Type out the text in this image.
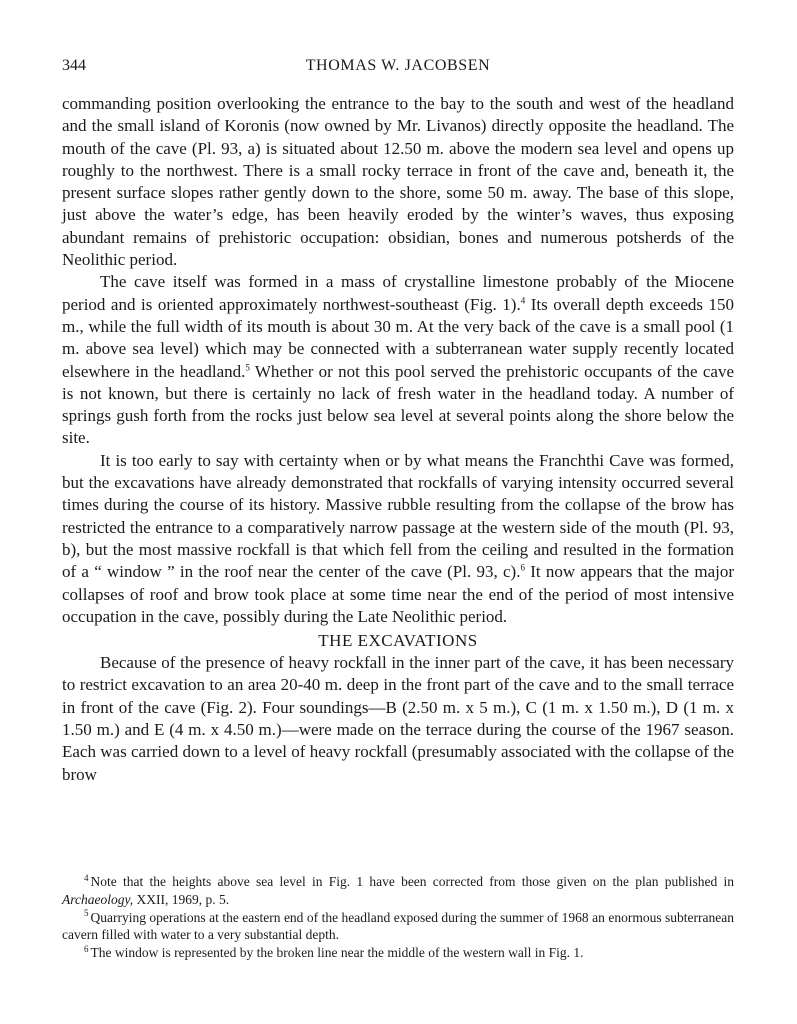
344	THOMAS W. JACOBSEN

commanding position overlooking the entrance to the bay to the south and west of the headland and the small island of Koronis (now owned by Mr. Livanos) directly opposite the headland. The mouth of the cave (Pl. 93, a) is situated about 12.50 m. above the modern sea level and opens up roughly to the northwest. There is a small rocky terrace in front of the cave and, beneath it, the present surface slopes rather gently down to the shore, some 50 m. away. The base of this slope, just above the water’s edge, has been heavily eroded by the winter’s waves, thus exposing abundant remains of prehistoric occupation: obsidian, bones and numerous potsherds of the Neolithic period.

The cave itself was formed in a mass of crystalline limestone probably of the Miocene period and is oriented approximately northwest-southeast (Fig. 1).$^4$ Its overall depth exceeds 150 m., while the full width of its mouth is about 30 m. At the very back of the cave is a small pool (1 m. above sea level) which may be connected with a subterranean water supply recently located elsewhere in the headland.$^5$ Whether or not this pool served the prehistoric occupants of the cave is not known, but there is certainly no lack of fresh water in the headland today. A number of springs gush forth from the rocks just below sea level at several points along the shore below the site.

It is too early to say with certainty when or by what means the Franchthi Cave was formed, but the excavations have already demonstrated that rockfalls of varying intensity occurred several times during the course of its history. Massive rubble resulting from the collapse of the brow has restricted the entrance to a comparatively narrow passage at the western side of the mouth (Pl. 93, b), but the most massive rockfall is that which fell from the ceiling and resulted in the formation of a “ window ” in the roof near the center of the cave (Pl. 93, c).$^6$ It now appears that the major collapses of roof and brow took place at some time near the end of the period of most intensive occupation in the cave, possibly during the Late Neolithic period.

THE EXCAVATIONS

Because of the presence of heavy rockfall in the inner part of the cave, it has been necessary to restrict excavation to an area 20-40 m. deep in the front part of the cave and to the small terrace in front of the cave (Fig. 2). Four soundings—B (2.50 m. x 5 m.), C (1 m. x 1.50 m.), D (1 m. x 1.50 m.) and E (4 m. x 4.50 m.)—were made on the terrace during the course of the 1967 season. Each was carried down to a level of heavy rockfall (presumably associated with the collapse of the brow

$^4$ Note that the heights above sea level in Fig. 1 have been corrected from those given on the plan published in Archaeology, XXII, 1969, p. 5.

$^5$ Quarrying operations at the eastern end of the headland exposed during the summer of 1968 an enormous subterranean cavern filled with water to a very substantial depth.

$^6$ The window is represented by the broken line near the middle of the western wall in Fig. 1.
